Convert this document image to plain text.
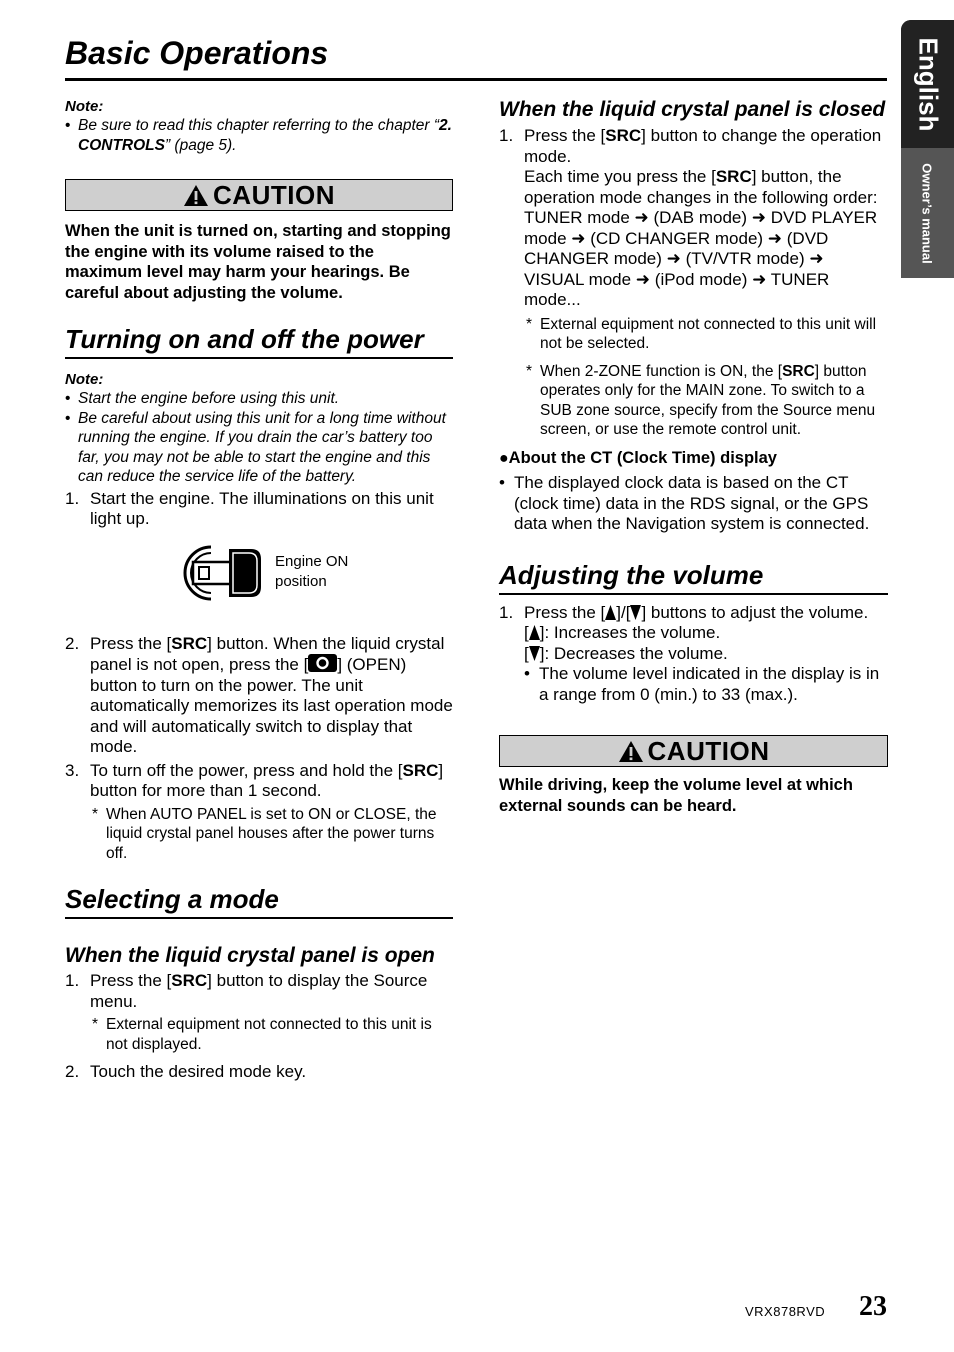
Basic Operations	English
Owner’s manual
Note:
• Be sure to read this chapter referring to the chapter “2. CONTROLS” (page 5).
CAUTION
When the unit is turned on, starting and stopping the engine with its volume raised to the maximum level may harm your hearings. Be careful about adjusting the volume.
Turning on and off the power
Note:
• Start the engine before using this unit.
• Be careful about using this unit for a long time without running the engine. If you drain the car’s battery too far, you may not be able to start the engine and this can reduce the service life of the battery.
1. Start the engine. The illuminations on this unit light up.

Engine ON
position
2. Press the [SRC] button. When the liquid crystal panel is not open, press the [ ] (OPEN) button to turn on the power. The unit automatically memorizes its last operation mode and will automatically switch to display that mode.

3. To turn off the power, press and hold the [SRC] button for more than 1 second.

* When AUTO PANEL is set to ON or CLOSE, the liquid crystal panel houses after the power turns off.
Selecting a mode
When the liquid crystal panel is open
1. Press the [SRC] button to display the Source menu.

* External equipment not connected to this unit is not displayed.
2. Touch the desired mode key.

When the liquid crystal panel is closed
1. Press the [SRC] button to change the operation mode.

Each time you press the [SRC] button, the operation mode changes in the following order:

TUNER mode ➜ (DAB mode) ➜ DVD PLAYER mode ➜ (CD CHANGER mode) ➜ (DVD CHANGER mode) ➜ (TV/VTR mode) ➜ VISUAL mode ➜ (iPod mode) ➜ TUNER mode...

* External equipment not connected to this unit will not be selected.
* When 2-ZONE function is ON, the [SRC] button operates only for the MAIN zone. To switch to a SUB zone source, specify from the Source menu screen, or use the remote control unit.
●About the CT (Clock Time) display
• The displayed clock data is based on the CT (clock time) data in the RDS signal, or the GPS data when the Navigation system is connected.
Adjusting the volume
1. Press the [ ]/[ ] buttons to adjust the volume.

[ ]: Increases the volume.

[ ]: Decreases the volume.

• The volume level indicated in the display is in a range from 0 (min.) to 33 (max.).
CAUTION
While driving, keep the volume level at which external sounds can be heard.
VRX878RVD 23
